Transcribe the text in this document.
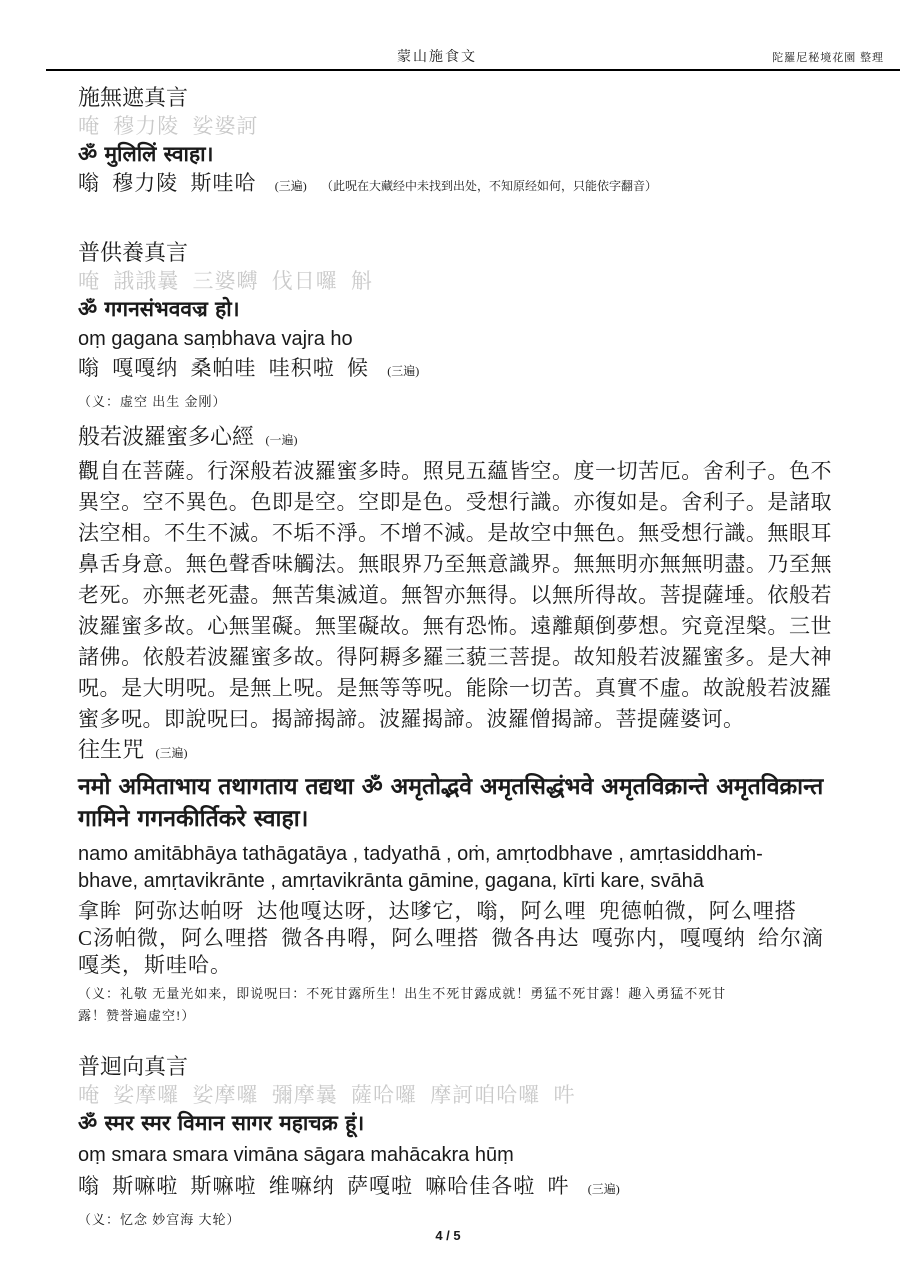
蒙山施食文	陀羅尼秘境花園 整理
施無遮真言
唵 穆力陵 娑婆訶
ॐ मुलिलिं स्वाहा।
嗡 穆力陵 斯哇哈 (三遍) （此呪在大藏经中未找到出处，不知原经如何，只能依字翻音）
普供養真言
唵 誐誐曩 三婆嚩 伐日囉 斛
ॐ गगनसंभववज्र हो।
oṃ gagana saṃbhava vajra ho
嗡 嘎嘎纳 桑帕哇 哇积啦 候 (三遍)
（义：虚空 出生 金刚）
般若波羅蜜多心經 (一遍)
觀自在菩薩。行深般若波羅蜜多時。照見五蘊皆空。度一切苦厄。舍利子。色不異空。空不異色。色即是空。空即是色。受想行識。亦復如是。舍利子。是諸取法空相。不生不滅。不垢不淨。不增不減。是故空中無色。無受想行識。無眼耳鼻舌身意。無色聲香味觸法。無眼界乃至無意識界。無無明亦無無明盡。乃至無老死。亦無老死盡。無苦集滅道。無智亦無得。以無所得故。菩提薩埵。依般若波羅蜜多故。心無罣礙。無罣礙故。無有恐怖。遠離顛倒夢想。究竟涅槃。三世諸佛。依般若波羅蜜多故。得阿耨多羅三藐三菩提。故知般若波羅蜜多。是大神呪。是大明呪。是無上呪。是無等等呪。能除一切苦。真實不虛。故說般若波羅蜜多呪。即說呪曰。揭諦揭諦。波羅揭諦。波羅僧揭諦。菩提薩婆诃。
往生咒 (三遍)
नमो अमिताभाय तथागताय तद्यथा ॐ अमृतोद्भवे अमृतसिद्धंभवे अमृतविक्रान्ते अमृतविक्रान्त
गामिने गगनकीर्तिकरे स्वाहा।
namo amitābhāya tathāgatāya , tadyathā , oṁ, amṛtodbhave , amṛtasiddhaṁ-
bhave, amṛtavikrānte , amṛtavikrānta gāmine, gagana, kīrti kare, svāhā
拿眸 阿弥达帕呀 达他嘎达呀，达嗲它，嗡，阿么哩 兜德帕微，阿么哩搭
C汤帕微，阿么哩搭 微各冉嘚，阿么哩搭 微各冉达 嘎弥内，嘎嘎纳 给尔滴
嘎类，斯哇哈。
（义：礼敬 无量光如来，即说呪曰：不死甘露所生！出生不死甘露成就！勇猛不死甘露！趣入勇猛不死甘
露！赞誉遍虚空!）
普迴向真言
唵 娑摩囉 娑摩囉 彌摩曩 薩哈囉 摩訶咱哈囉 吽
ॐ स्मर स्मर विमान सागर महाचक्र हूं।
oṃ smara smara vimāna sāgara mahācakra hūṃ
嗡 斯嘛啦 斯嘛啦 维嘛纳 萨嘎啦 嘛哈佳各啦 吽 (三遍)
（义：忆念 妙宫海 大轮）
4 / 5
